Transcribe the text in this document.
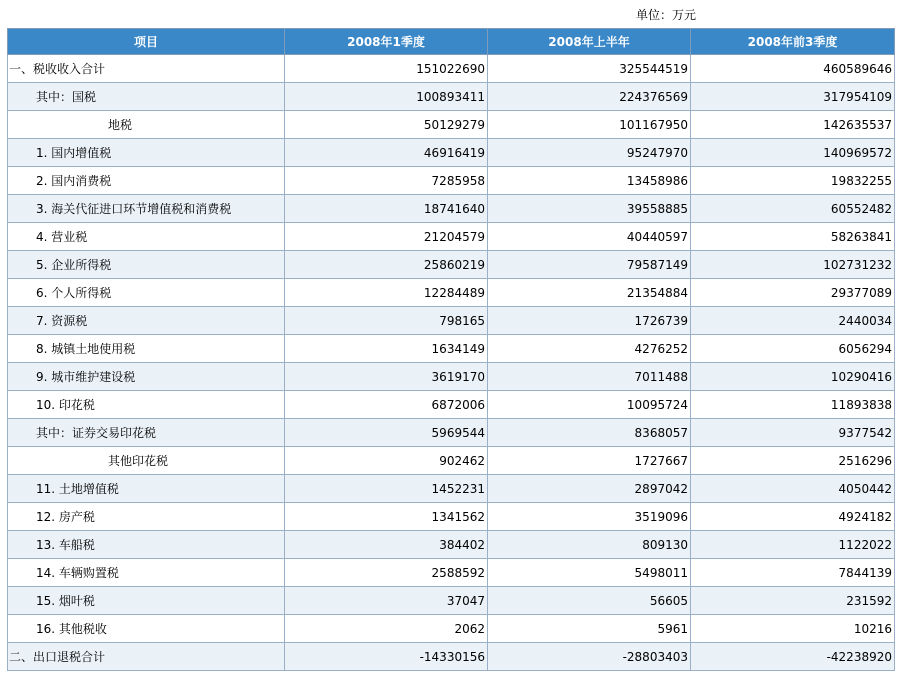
单位：万元
项目	2008年1季度	2008年上半年	2008年前3季度
一、税收收入合计	151022690	325544519	460589646
其中：国税	100893411	224376569	317954109
地税	50129279	101167950	142635537
1. 国内增值税	46916419	95247970	140969572
2. 国内消费税	7285958	13458986	19832255
3. 海关代征进口环节增值税和消费税	18741640	39558885	60552482
4. 营业税	21204579	40440597	58263841
5. 企业所得税	25860219	79587149	102731232
6. 个人所得税	12284489	21354884	29377089
7. 资源税	798165	1726739	2440034
8. 城镇土地使用税	1634149	4276252	6056294
9. 城市维护建设税	3619170	7011488	10290416
10. 印花税	6872006	10095724	11893838
其中：证券交易印花税	5969544	8368057	9377542
其他印花税	902462	1727667	2516296
11. 土地增值税	1452231	2897042	4050442
12. 房产税	1341562	3519096	4924182
13. 车船税	384402	809130	1122022
14. 车辆购置税	2588592	5498011	7844139
15. 烟叶税	37047	56605	231592
16. 其他税收	2062	5961	10216
二、出口退税合计	-14330156	-28803403	-42238920
